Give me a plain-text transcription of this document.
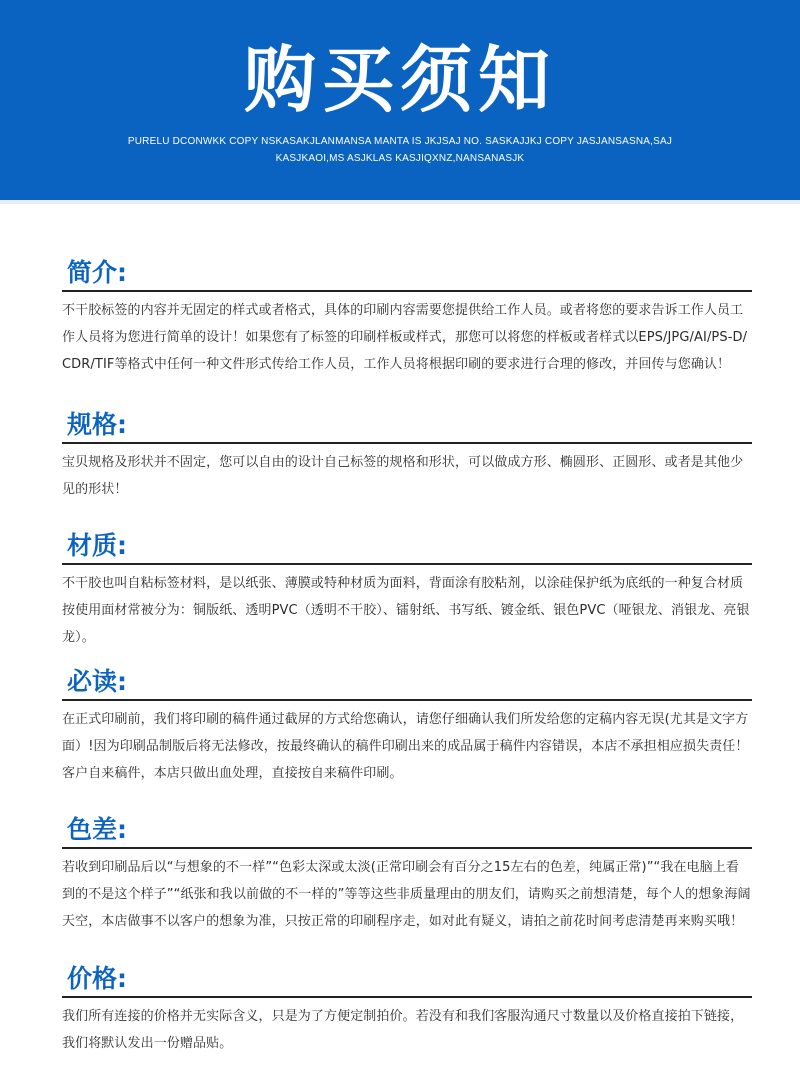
购买须知
PURELU DCONWKK COPY NSKASAKJLANMANSA MANTA IS JKJSAJ NO. SASKAJJKJ COPY JASJANSASNA,SAJ
KASJKAOI,MS ASJKLAS KASJIQXNZ,NANSANASJK
简介:
不干胶标签的内容并无固定的样式或者格式，具体的印刷内容需要您提供给工作人员。或者将您的要求告诉工作人员工作人员将为您进行简单的设计！如果您有了标签的印刷样板或样式，那您可以将您的样板或者样式以EPS/JPG/AI/PS-D/CDR/TIF等格式中任何一种文件形式传给工作人员，工作人员将根据印刷的要求进行合理的修改，并回传与您确认！
规格:
宝贝规格及形状并不固定，您可以自由的设计自己标签的规格和形状，可以做成方形、椭圆形、正圆形、或者是其他少见的形状！
材质:
不干胶也叫自粘标签材料，是以纸张、薄膜或特种材质为面料，背面涂有胶粘剂，以涂硅保护纸为底纸的一种复合材质按使用面材常被分为：铜版纸、透明PVC（透明不干胶）、镭射纸、书写纸、镀金纸、银色PVC（哑银龙、消银龙、亮银龙）。
必读:
在正式印刷前，我们将印刷的稿件通过截屏的方式给您确认，请您仔细确认我们所发给您的定稿内容无误(尤其是文字方面）!因为印刷品制版后将无法修改，按最终确认的稿件印刷出来的成品属于稿件内容错误，本店不承担相应损失责任！客户自来稿件，本店只做出血处理，直接按自来稿件印刷。
色差:
若收到印刷品后以“与想象的不一样”“色彩太深或太淡(正常印刷会有百分之15左右的色差，纯属正常)”“我在电脑上看到的不是这个样子”“纸张和我以前做的不一样的”等等这些非质量理由的朋友们，请购买之前想清楚，每个人的想象海阔天空，本店做事不以客户的想象为准，只按正常的印刷程序走，如对此有疑义，请拍之前花时间考虑清楚再来购买哦！
价格:
我们所有连接的价格并无实际含义，只是为了方便定制拍价。若没有和我们客服沟通尺寸数量以及价格直接拍下链接，我们将默认发出一份赠品贴。
